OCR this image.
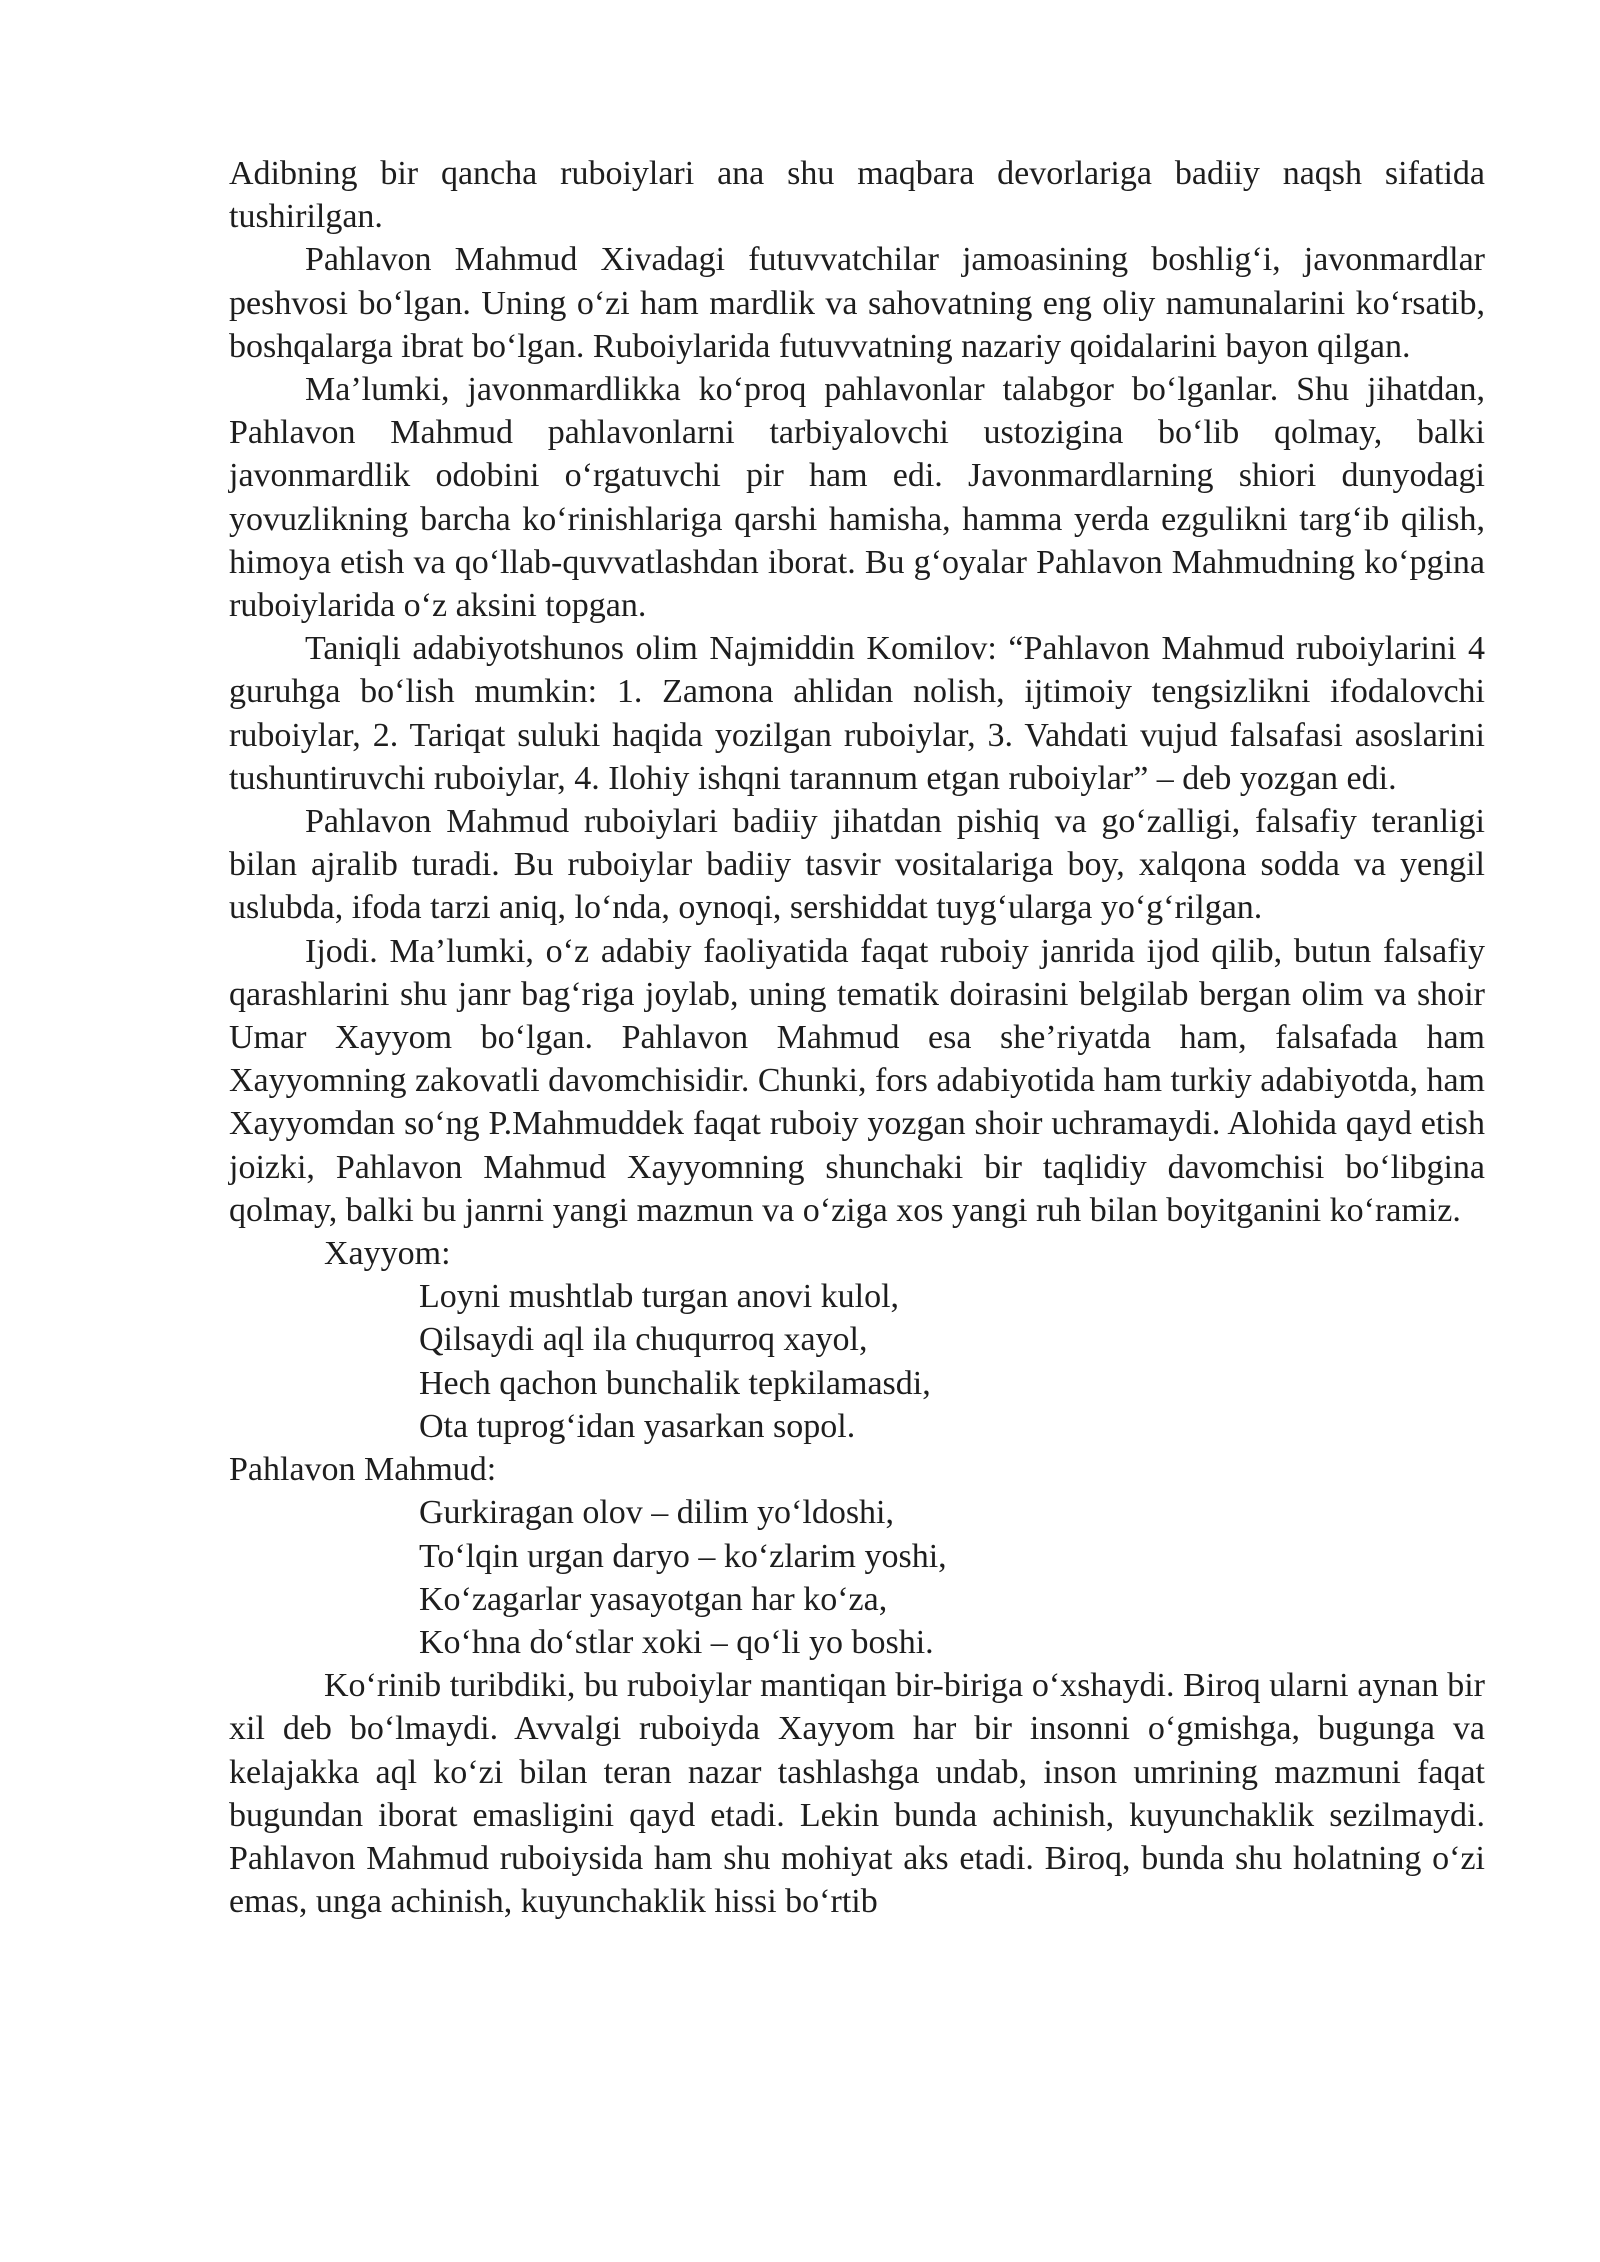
Adibning bir qancha ruboiylari ana shu maqbara devorlariga badiiy naqsh sifatida tushirilgan.

Pahlavon Mahmud Xivadagi futuvvatchilar jamoasining boshlig‘i, javonmardlar peshvosi bo‘lgan. Uning o‘zi ham mardlik va sahovatning eng oliy namunalarini ko‘rsatib, boshqalarga ibrat bo‘lgan. Ruboiylarida futuvvatning nazariy qoidalarini bayon qilgan.

Ma’lumki, javonmardlikka ko‘proq pahlavonlar talabgor bo‘lganlar. Shu jihatdan, Pahlavon Mahmud pahlavonlarni tarbiyalovchi ustozigina bo‘lib qolmay, balki javonmardlik odobini o‘rgatuvchi pir ham edi. Javonmardlarning shiori dunyodagi yovuzlikning barcha ko‘rinishlariga qarshi hamisha, hamma yerda ezgulikni targ‘ib qilish, himoya etish va qo‘llab-quvvatlashdan iborat. Bu g‘oyalar Pahlavon Mahmudning ko‘pgina ruboiylarida o‘z aksini topgan.

Taniqli adabiyotshunos olim Najmiddin Komilov: “Pahlavon Mahmud ruboiylarini 4 guruhga bo‘lish mumkin: 1. Zamona ahlidan nolish, ijtimoiy tengsizlikni ifodalovchi ruboiylar, 2. Tariqat suluki haqida yozilgan ruboiylar, 3. Vahdati vujud falsafasi asoslarini tushuntiruvchi ruboiylar, 4. Ilohiy ishqni tarannum etgan ruboiylar” – deb yozgan edi.

Pahlavon Mahmud ruboiylari badiiy jihatdan pishiq va go‘zalligi, falsafiy teranligi bilan ajralib turadi. Bu ruboiylar badiiy tasvir vositalariga boy, xalqona sodda va yengil uslubda, ifoda tarzi aniq, lo‘nda, oynoqi, sershiddat tuyg‘ularga yo‘g‘rilgan.

Ijodi. Ma’lumki, o‘z adabiy faoliyatida faqat ruboiy janrida ijod qilib, butun falsafiy qarashlarini shu janr bag‘riga joylab, uning tematik doirasini belgilab bergan olim va shoir Umar Xayyom bo‘lgan. Pahlavon Mahmud esa she’riyatda ham, falsafada ham Xayyomning zakovatli davomchisidir. Chunki, fors adabiyotida ham turkiy adabiyotda, ham Xayyomdan so‘ng P.Mahmuddek faqat ruboiy yozgan shoir uchramaydi. Alohida qayd etish joizki, Pahlavon Mahmud Xayyomning shunchaki bir taqlidiy davomchisi bo‘libgina qolmay, balki bu janrni yangi mazmun va o‘ziga xos yangi ruh bilan boyitganini ko‘ramiz.

Xayyom:

Loyni mushtlab turgan anovi kulol,
Qilsaydi aql ila chuqurroq xayol,
Hech qachon bunchalik tepkilamasdi,
Ota tuprog‘idan yasarkan sopol.

Pahlavon Mahmud:

Gurkiragan olov – dilim yo‘ldoshi,
To‘lqin urgan daryo – ko‘zlarim yoshi,
Ko‘zagarlar yasayotgan har ko‘za,
Ko‘hna do‘stlar xoki – qo‘li yo boshi.

Ko‘rinib turibdiki, bu ruboiylar mantiqan bir-biriga o‘xshaydi. Biroq ularni aynan bir xil deb bo‘lmaydi. Avvalgi ruboiyda Xayyom har bir insonni o‘gmishga, bugunga va kelajakka aql ko‘zi bilan teran nazar tashlashga undab, inson umrining mazmuni faqat bugundan iborat emasligini qayd etadi. Lekin bunda achinish, kuyunchaklik sezilmaydi. Pahlavon Mahmud ruboiysida ham shu mohiyat aks etadi. Biroq, bunda shu holatning o‘zi emas, unga achinish, kuyunchaklik hissi bo‘rtib
